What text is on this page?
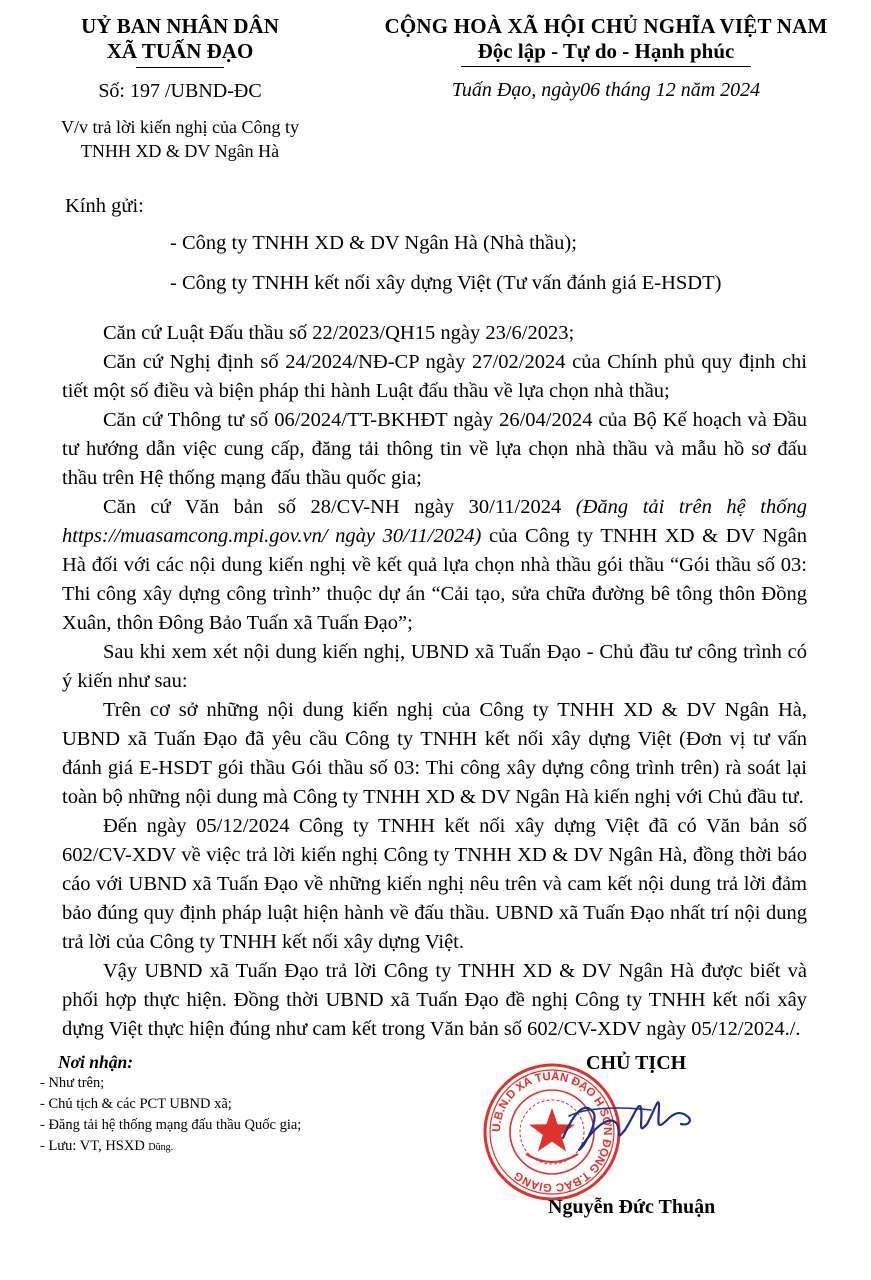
UỶ BAN NHÂN DÂN
XÃ TUẤN ĐẠO
Số: 197 /UBND-ĐC
V/v trả lời kiến nghị của Công ty
TNHH XD & DV Ngân Hà
CỘNG HOÀ XÃ HỘI CHỦ NGHĨA VIỆT NAM
Độc lập - Tự do - Hạnh phúc
Tuấn Đạo, ngày06 tháng 12 năm 2024
Kính gửi:
- Công ty TNHH XD & DV Ngân Hà (Nhà thầu);
- Công ty TNHH kết nối xây dựng Việt (Tư vấn đánh giá E-HSDT)

Căn cứ Luật Đấu thầu số 22/2023/QH15 ngày 23/6/2023;

Căn cứ Nghị định số 24/2024/NĐ-CP ngày 27/02/2024 của Chính phủ quy định chi tiết một số điều và biện pháp thi hành Luật đấu thầu về lựa chọn nhà thầu;

Căn cứ Thông tư số 06/2024/TT-BKHĐT ngày 26/04/2024 của Bộ Kế hoạch và Đầu tư hướng dẫn việc cung cấp, đăng tải thông tin về lựa chọn nhà thầu và mẫu hồ sơ đấu thầu trên Hệ thống mạng đấu thầu quốc gia;

Căn cứ Văn bản số 28/CV-NH ngày 30/11/2024 (Đăng tải trên hệ thống https://muasamcong.mpi.gov.vn/ ngày 30/11/2024) của Công ty TNHH XD & DV Ngân Hà đối với các nội dung kiến nghị về kết quả lựa chọn nhà thầu gói thầu “Gói thầu số 03: Thi công xây dựng công trình” thuộc dự án “Cải tạo, sửa chữa đường bê tông thôn Đồng Xuân, thôn Đông Bảo Tuấn xã Tuấn Đạo”;

Sau khi xem xét nội dung kiến nghị, UBND xã Tuấn Đạo - Chủ đầu tư công trình có ý kiến như sau:

Trên cơ sở những nội dung kiến nghị của Công ty TNHH XD & DV Ngân Hà, UBND xã Tuấn Đạo đã yêu cầu Công ty TNHH kết nối xây dựng Việt (Đơn vị tư vấn đánh giá E-HSDT gói thầu Gói thầu số 03: Thi công xây dựng công trình trên) rà soát lại toàn bộ những nội dung mà Công ty TNHH XD & DV Ngân Hà kiến nghị với Chủ đầu tư.

Đến ngày 05/12/2024 Công ty TNHH kết nối xây dựng Việt đã có Văn bản số 602/CV-XDV về việc trả lời kiến nghị Công ty TNHH XD & DV Ngân Hà, đồng thời báo cáo với UBND xã Tuấn Đạo về những kiến nghị nêu trên và cam kết nội dung trả lời đảm bảo đúng quy định pháp luật hiện hành về đấu thầu. UBND xã Tuấn Đạo nhất trí nội dung trả lời của Công ty TNHH kết nối xây dựng Việt.

Vậy UBND xã Tuấn Đạo trả lời Công ty TNHH XD & DV Ngân Hà được biết và phối hợp thực hiện. Đồng thời UBND xã Tuấn Đạo đề nghị Công ty TNHH kết nối xây dựng Việt thực hiện đúng như cam kết trong Văn bản số 602/CV-XDV ngày 05/12/2024./.

Nơi nhận:
- Như trên;
- Chủ tịch & các PCT UBND xã;
- Đăng tải hệ thống mạng đấu thầu Quốc gia;
- Lưu: VT, HSXD Dũng.
U.B.N.D XÃ TUẤN ĐẠO H.SƠN ĐỘNG T.BẮC GIANG
CHỦ TỊCH
Nguyễn Đức Thuận
